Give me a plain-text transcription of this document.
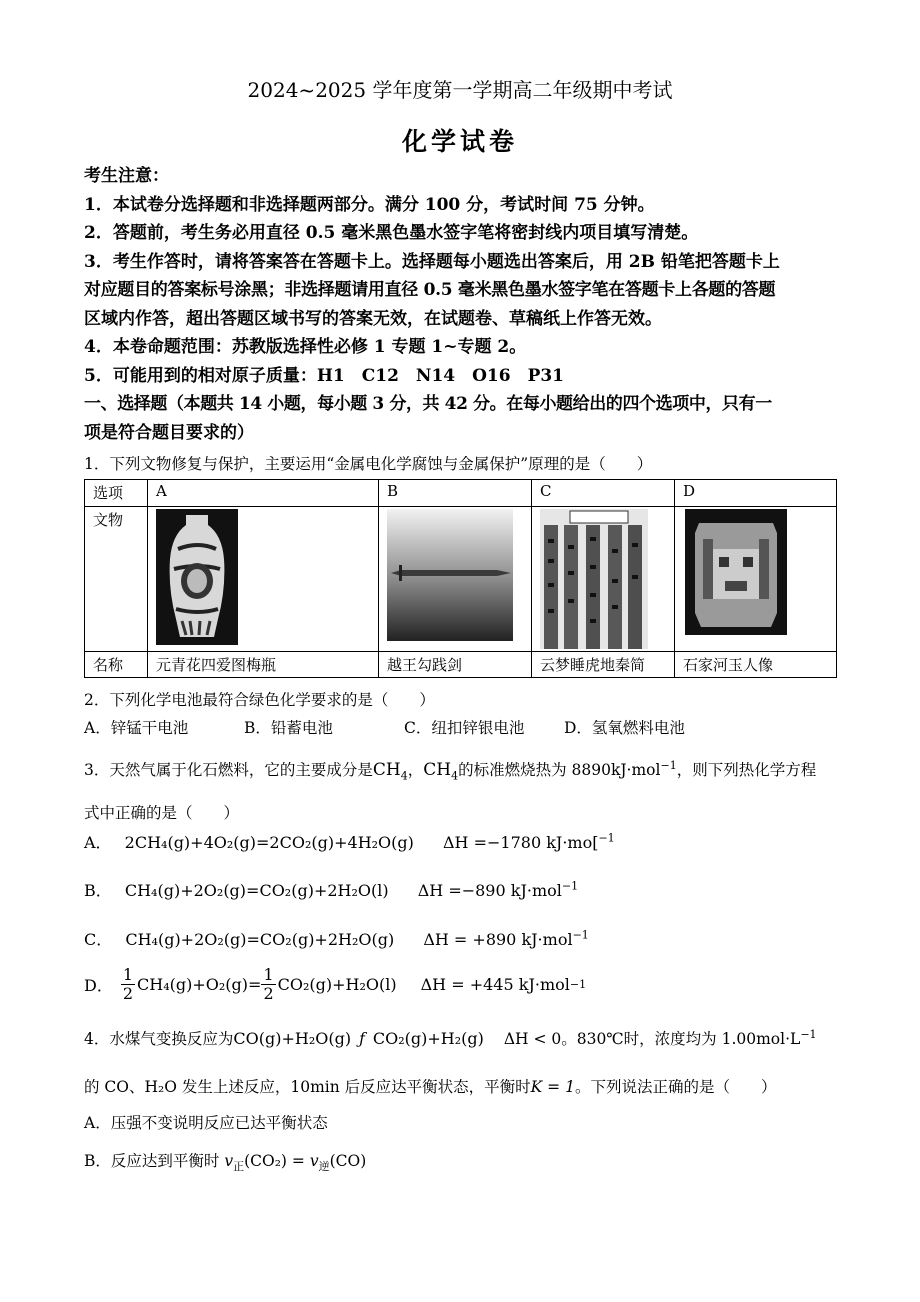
2024~2025 学年度第一学期高二年级期中考试
化学试卷

考生注意：

1．本试卷分选择题和非选择题两部分。满分 100 分，考试时间 75 分钟。

2．答题前，考生务必用直径 0.5 毫米黑色墨水签字笔将密封线内项目填写清楚。

3．考生作答时，请将答案答在答题卡上。选择题每小题选出答案后，用 2B 铅笔把答题卡上

对应题目的答案标号涂黑；非选择题请用直径 0.5 毫米黑色墨水签字笔在答题卡上各题的答题

区域内作答，超出答题区域书写的答案无效，在试题卷、草稿纸上作答无效。

4．本卷命题范围：苏教版选择性必修 1 专题 1~专题 2。

5．可能用到的相对原子质量：H1　C12　N14　O16　P31

一、选择题（本题共 14 小题，每小题 3 分，共 42 分。在每小题给出的四个选项中，只有一

项是符合题目要求的）

1．下列文物修复与保护，主要运用“金属电化学腐蚀与金属保护”原理的是（　　）

选项	A	B	C	D
文物	

名称	元青花四爱图梅瓶	越王勾践剑	云梦睡虎地秦简	石家河玉人像

2．下列化学电池最符合绿色化学要求的是（　　）

A．锌锰干电池	B．铅蓄电池	C．纽扣锌银电池	D．氢氧燃料电池

3．天然气属于化石燃料，它的主要成分是$CH_4$，$CH_4$的标准燃烧热为 8890kJ·mol$^{-1}$，则下列热化学方程

式中正确的是（　　）

A． 2CH₄(g)+4O₂(g)=2CO₂(g)+4H₂O(g) ΔH =−1780 kJ·mo[$^{-1}$
B． CH₄(g)+2O₂(g)=CO₂(g)+2H₂O(l) ΔH =−890 kJ·mol$^{-1}$
C． CH₄(g)+2O₂(g)=CO₂(g)+2H₂O(g) ΔH = +890 kJ·mol$^{-1}$
D． $\frac{1}{2} CH_4(g)+O_2(g)= \frac{1}{2} CO_2(g)+H_2O(l) \Delta H = +445$ kJ·mol −1

4．水煤气变换反应为CO(g)+H₂O(g) ƒ CO₂(g)+H₂(g) ΔH < 0。830℃时，浓度均为 $1.00mol\cdot L^{-1}$

的 CO、H₂O 发生上述反应，10min 后反应达平衡状态，平衡时K = 1。下列说法正确的是（　　）

A．压强不变说明反应已达平衡状态

B．反应达到平衡时 $v_正(CO_2) = v_逆(CO)$
